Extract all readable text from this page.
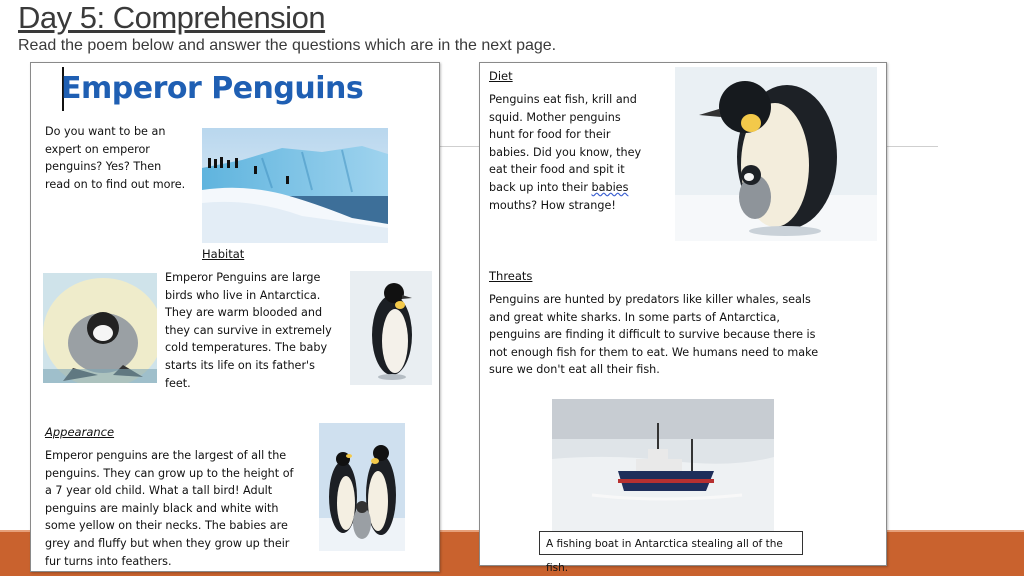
Day 5: Comprehension
Read the poem below and answer the questions which are in the next page.
Emperor Penguins
Do you want to be an
expert on emperor
penguins? Yes? Then
read on to find out more.
Habitat
Emperor Penguins are large
birds who live in Antarctica.
They are warm blooded and
they can survive in extremely
cold temperatures. The baby
starts its life on its father's
feet.
Appearance
Emperor penguins are the largest of all the
penguins. They can grow up to the height of
a 7 year old child. What a tall bird! Adult
penguins are mainly black and white with
some yellow on their necks. The babies are
grey and fluffy but when they grow up their
fur turns into feathers.
Diet
Penguins eat fish, krill and
squid. Mother penguins
hunt for food for their
babies. Did you know, they
eat their food and spit it
back up into their babies
mouths? How strange!
Threats
Penguins are hunted by predators like killer whales, seals
and great white sharks. In some parts of Antarctica,
penguins are finding it difficult to survive because there is
not enough fish for them to eat. We humans need to make
sure we don't eat all their fish.
A fishing boat in Antarctica stealing all of the fish.
